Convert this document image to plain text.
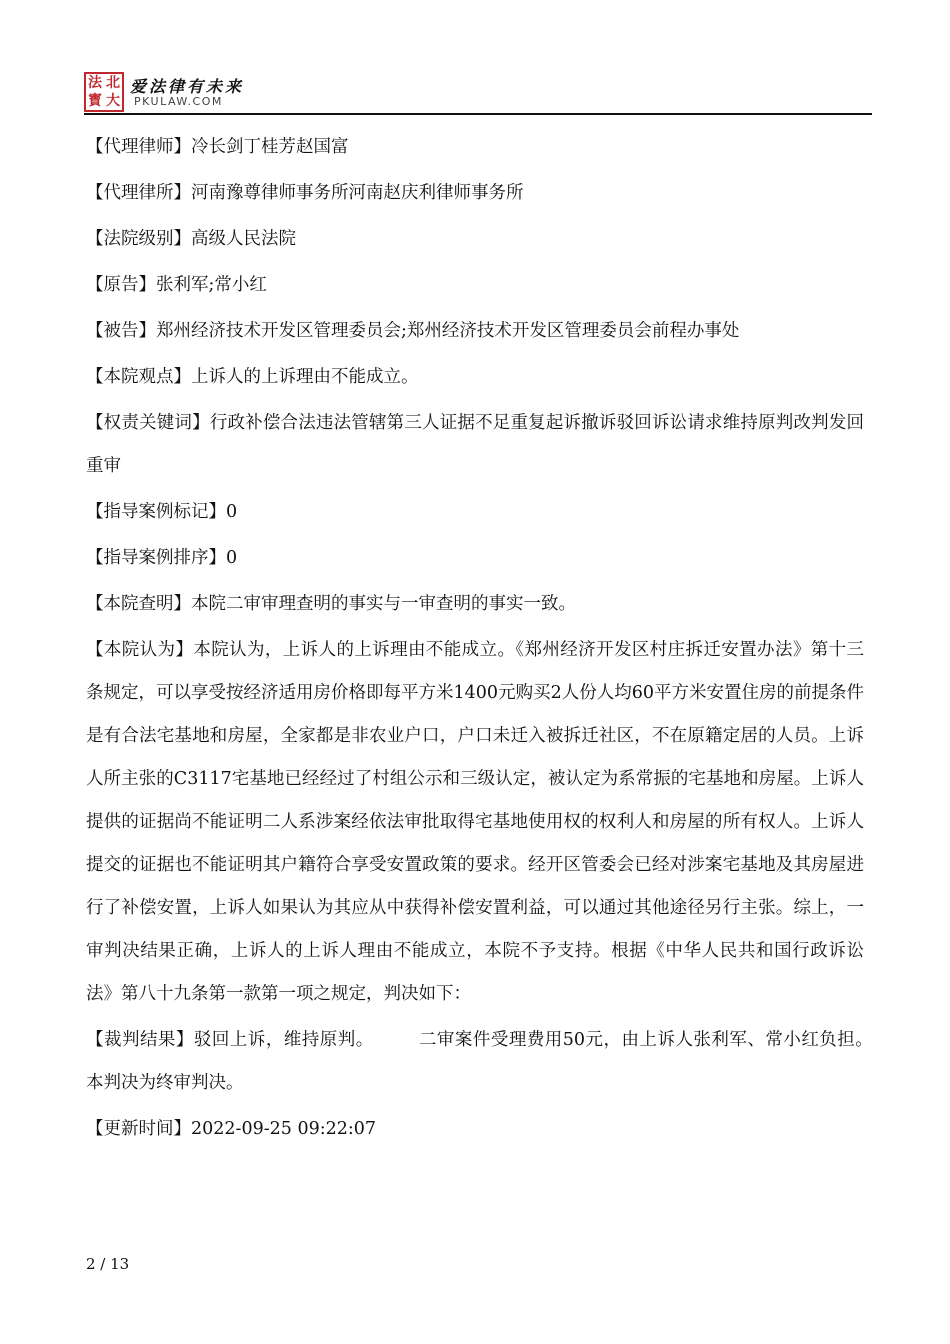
法 北
寳 大
爱法律有未来
PKULAW.COM
【代理律师】冷长剑丁桂芳赵国富
【代理律所】河南豫尊律师事务所河南赵庆利律师事务所
【法院级别】高级人民法院
【原告】张利军;常小红
【被告】郑州经济技术开发区管理委员会;郑州经济技术开发区管理委员会前程办事处
【本院观点】上诉人的上诉理由不能成立。
【权责关键词】行政补偿合法违法管辖第三人证据不足重复起诉撤诉驳回诉讼请求维持原判改判发回重审
【指导案例标记】0
【指导案例排序】0
【本院查明】本院二审审理查明的事实与一审查明的事实一致。
【本院认为】本院认为，上诉人的上诉理由不能成立。《郑州经济开发区村庄拆迁安置办法》第十三条规定，可以享受按经济适用房价格即每平方米1400元购买2人份人均60平方米安置住房的前提条件是有合法宅基地和房屋，全家都是非农业户口，户口未迁入被拆迁社区，不在原籍定居的人员。上诉人所主张的C3117宅基地已经经过了村组公示和三级认定，被认定为系常振的宅基地和房屋。上诉人提供的证据尚不能证明二人系涉案经依法审批取得宅基地使用权的权利人和房屋的所有权人。上诉人提交的证据也不能证明其户籍符合享受安置政策的要求。经开区管委会已经对涉案宅基地及其房屋进行了补偿安置，上诉人如果认为其应从中获得补偿安置利益，可以通过其他途径另行主张。综上，一审判决结果正确，上诉人的上诉人理由不能成立，本院不予支持。根据《中华人民共和国行政诉讼法》第八十九条第一款第一项之规定，判决如下：
【裁判结果】驳回上诉，维持原判。　　　二审案件受理费用50元，由上诉人张利军、常小红负担。　　　本判决为终审判决。
【更新时间】2022-09-25 09:22:07
2 / 13
